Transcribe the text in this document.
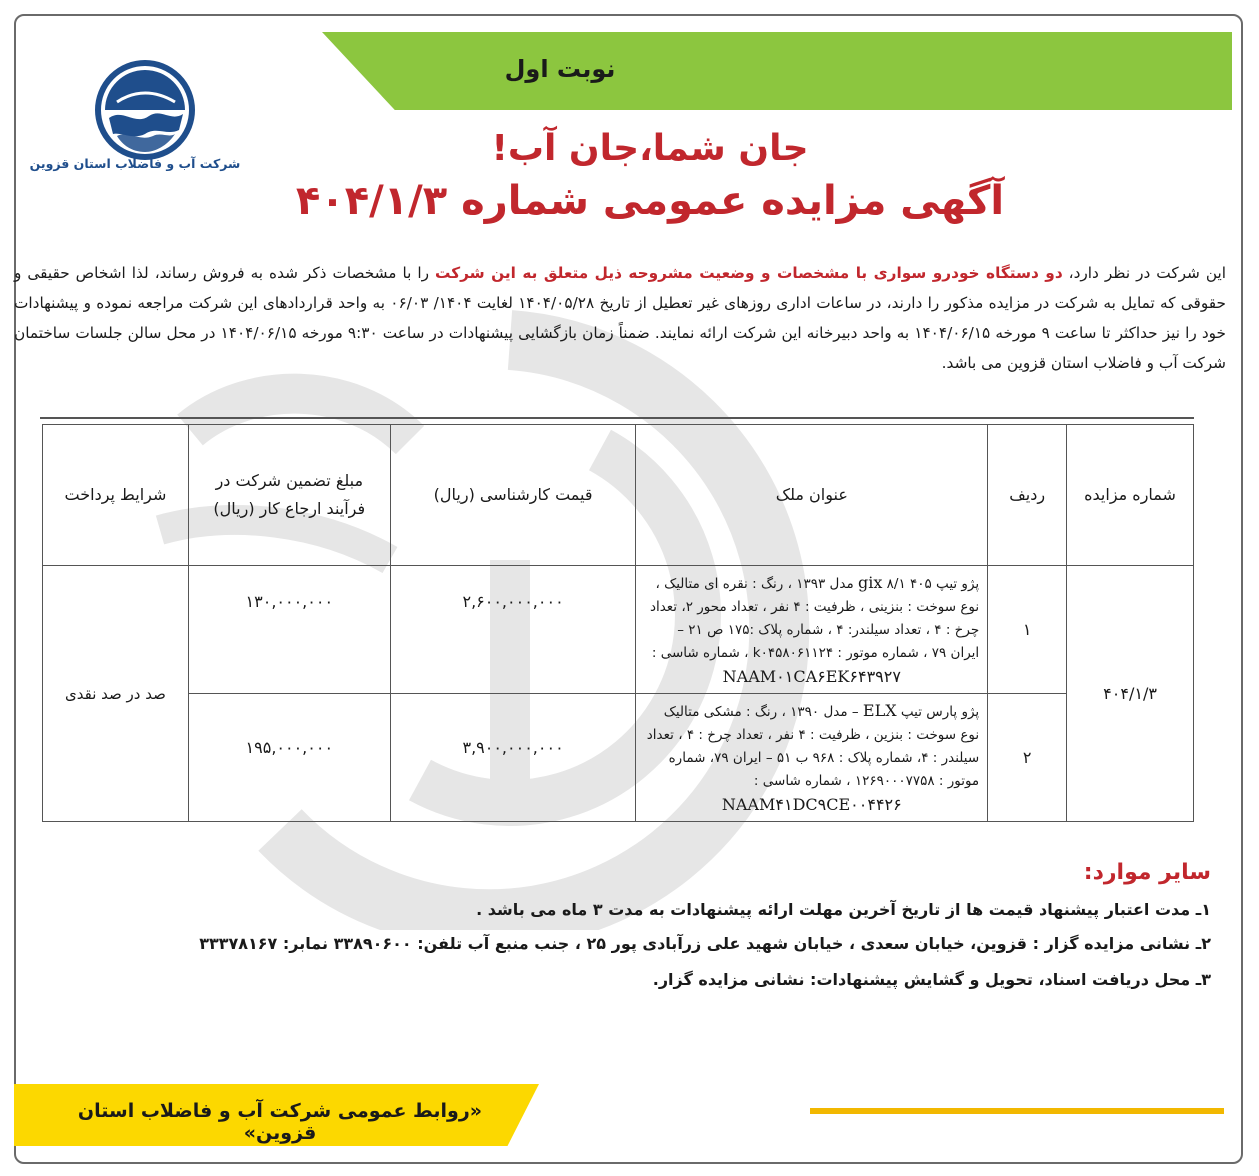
نوبت اول
شرکت آب و فاضلاب استان قزوین	جان شما،جان آب!
آگهی مزایده عمومی شماره ۴۰۴/۱/۳
این شرکت در نظر دارد، دو دستگاه خودرو سواری با مشخصات و وضعیت مشروحه ذیل متعلق به این شرکت را با مشخصات ذکر شده به فروش رساند، لذا اشخاص حقیقی و حقوقی که تمایل به شرکت در مزایده مذکور را دارند، در ساعات اداری روزهای غیر تعطیل از تاریخ ۱۴۰۴/۰۵/۲۸ لغایت ۱۴۰۴/ ۰۶/۰۳ به واحد قراردادهای این شرکت مراجعه نموده و پیشنهادات خود را نیز حداکثر تا ساعت ۹ مورخه ۱۴۰۴/۰۶/۱۵ به واحد دبیرخانه این شرکت ارائه نمایند. ضمناً زمان بازگشایی پیشنهادات در ساعت ۹:۳۰ مورخه ۱۴۰۴/۰۶/۱۵ در محل سالن جلسات ساختمان شرکت آب و فاضلاب استان قزوین می باشد.
شماره مزایده	ردیف	عنوان ملک	قیمت کارشناسی (ریال)	مبلغ تضمین شرکت در فرآیند ارجاع کار (ریال)	شرایط پرداخت
۴۰۴/۱/۳	۱	پژو تیپ gix ۸/۱ ۴۰۵ مدل ۱۳۹۳ ، رنگ : نقره ای متالیک ، نوع سوخت : بنزینی ، ظرفیت : ۴ نفر ، تعداد محور ۲، تعداد چرخ : ۴ ، تعداد سیلندر: ۴ ، شماره پلاک :۱۷۵ ص ۲۱ – ایران ۷۹ ، شماره موتور : k۰۴۵۸۰۶۱۱۲۴ ، شماره شاسی :
NAAM۰۱CA۶EK۶۴۳۹۲۷	۲,۶۰۰,۰۰۰,۰۰۰	۱۳۰,۰۰۰,۰۰۰	صد در صد نقدی
	۲	پژو پارس تیپ ELX – مدل ۱۳۹۰ ، رنگ : مشکی متالیک نوع سوخت : بنزین ، ظرفیت : ۴ نفر ، تعداد چرخ : ۴ ، تعداد سیلندر : ۴، شماره پلاک : ۹۶۸ ب ۵۱ – ایران ۷۹، شماره موتور : ۱۲۶۹۰۰۰۷۷۵۸ ، شماره شاسی :
NAAM۴۱DC۹CE۰۰۴۴۲۶	۳,۹۰۰,۰۰۰,۰۰۰	۱۹۵,۰۰۰,۰۰۰	
سایر موارد:
۱ـ مدت اعتبار پیشنهاد قیمت ها از تاریخ آخرین مهلت ارائه پیشنهادات به مدت ۳ ماه می باشد .
۲ـ نشانی مزایده گزار : قزوین، خیابان سعدی ، خیابان شهید علی زرآبادی پور ۲۵ ، جنب منبع آب تلفن: ۳۳۸۹۰۶۰۰ نمابر: ۳۳۳۷۸۱۶۷
۳ـ محل دریافت اسناد، تحویل و گشایش پیشنهادات: نشانی مزایده گزار.
«روابط عمومی شرکت آب و فاضلاب استان قزوین»
